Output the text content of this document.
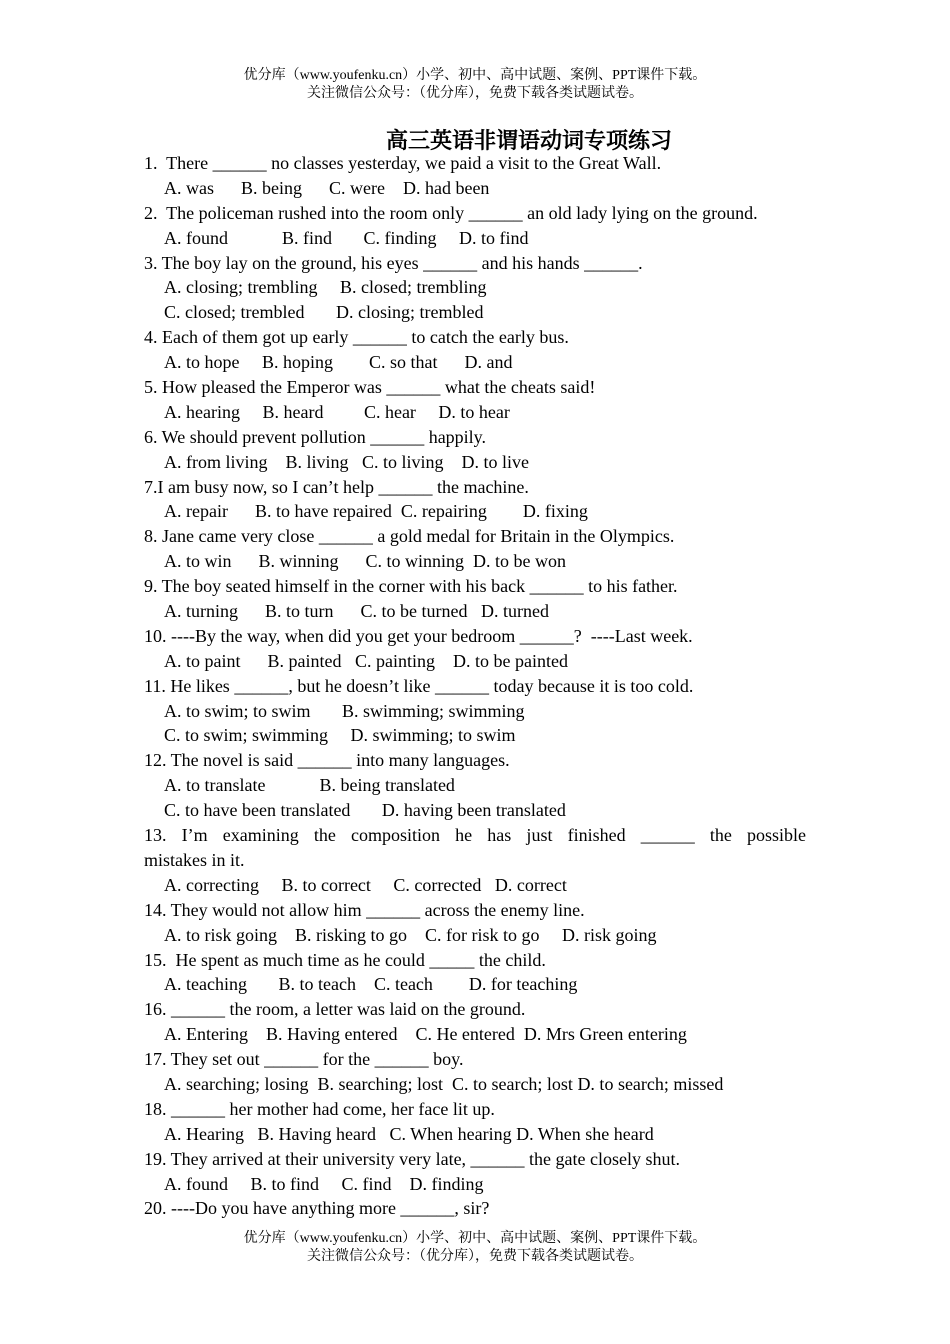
优分库（www.youfenku.cn）小学、初中、高中试题、案例、PPT课件下载。
关注微信公众号：（优分库），免费下载各类试题试卷。
高三英语非谓语动词专项练习
1.  There ______ no classes yesterday, we paid a visit to the Great Wall.
A. was      B. being      C. were    D. had been
2.  The policeman rushed into the room only ______ an old lady lying on the ground.
A. found            B. find       C. finding     D. to find
3. The boy lay on the ground, his eyes ______ and his hands ______.
A. closing; trembling     B. closed; trembling
C. closed; trembled       D. closing; trembled
4. Each of them got up early ______ to catch the early bus.
A. to hope     B. hoping        C. so that      D. and
5. How pleased the Emperor was ______ what the cheats said!
A. hearing     B. heard         C. hear     D. to hear
6. We should prevent pollution ______ happily.
A. from living    B. living   C. to living    D. to live
7.I am busy now, so I can’t help ______ the machine.
A. repair      B. to have repaired  C. repairing        D. fixing
8. Jane came very close ______ a gold medal for Britain in the Olympics.
A. to win      B. winning      C. to winning  D. to be won
9. The boy seated himself in the corner with his back ______ to his father.
A. turning      B. to turn      C. to be turned   D. turned
10. ----By the way, when did you get your bedroom ______?  ----Last week.
A. to paint      B. painted   C. painting    D. to be painted
11. He likes ______, but he doesn’t like ______ today because it is too cold.
A. to swim; to swim       B. swimming; swimming
C. to swim; swimming     D. swimming; to swim
12. The novel is said ______ into many languages.
A. to translate            B. being translated
C. to have been translated       D. having been translated
13. I’m examining the composition he has just finished ______ the possible
mistakes in it.
A. correcting     B. to correct     C. corrected   D. correct
14. They would not allow him ______ across the enemy line.
A. to risk going    B. risking to go    C. for risk to go     D. risk going
15.  He spent as much time as he could _____ the child.
A. teaching       B. to teach    C. teach        D. for teaching
16. ______ the room, a letter was laid on the ground.
A. Entering    B. Having entered    C. He entered  D. Mrs Green entering
17. They set out ______ for the ______ boy.
A. searching; losing  B. searching; lost  C. to search; lost D. to search; missed
18. ______ her mother had come, her face lit up.
A. Hearing   B. Having heard   C. When hearing D. When she heard
19. They arrived at their university very late, ______ the gate closely shut.
A. found     B. to find     C. find    D. finding
20. ----Do you have anything more ______, sir?
优分库（www.youfenku.cn）小学、初中、高中试题、案例、PPT课件下载。
关注微信公众号：（优分库），免费下载各类试题试卷。
